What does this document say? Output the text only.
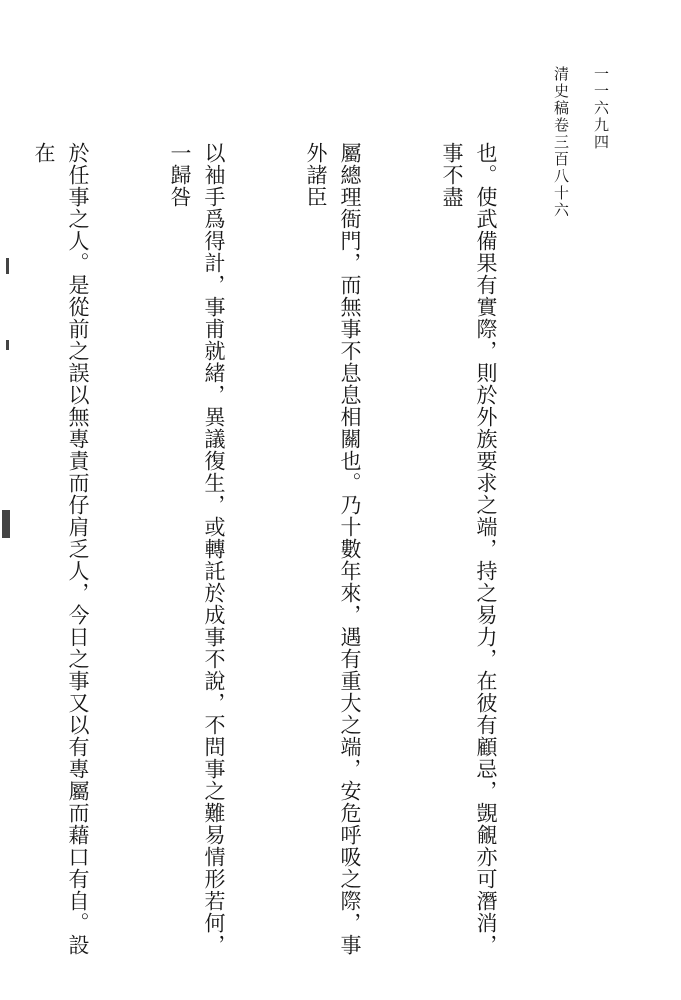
清史稿卷三百八十六 一一六九四

也。使武備果有實際，則於外族要求之端，持之易力，在彼有顧忌，覬覦亦可潛消，事不盡

屬總理衙門，而無事不息息相關也。乃十數年來，遇有重大之端，安危呼吸之際，事外諸臣

以袖手爲得計，事甫就緒，異議復生，或轉託於成事不說，不問事之難易情形若何，一歸咎

於任事之人。是從前之誤以無專責而仔肩乏人，今日之事又以有專屬而藉口有自。設在
